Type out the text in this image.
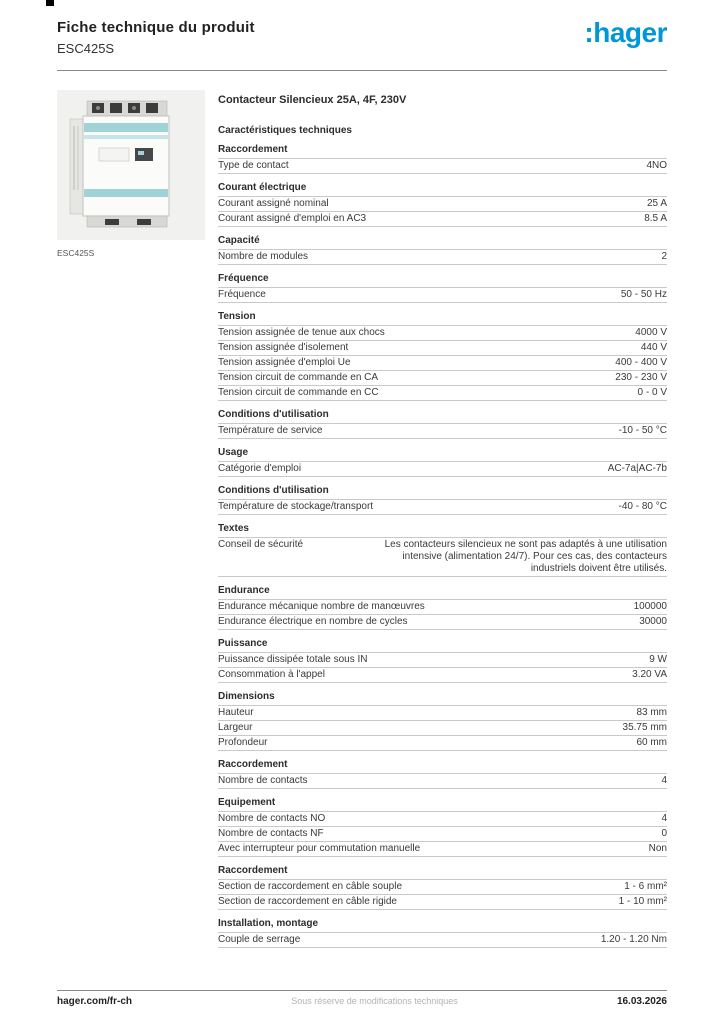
Fiche technique du produit
ESC425S
:hager
ESC425S
Contacteur Silencieux 25A, 4F, 230V
Caractéristiques techniques
Raccordement
Type de contact	4NO
Courant électrique
Courant assigné nominal	25 A
Courant assigné d'emploi en AC3	8.5 A
Capacité
Nombre de modules	2
Fréquence
Fréquence	50 - 50 Hz
Tension
Tension assignée de tenue aux chocs	4000 V
Tension assignée d'isolement	440 V
Tension assignée d'emploi Ue	400 - 400 V
Tension circuit de commande en CA	230 - 230 V
Tension circuit de commande en CC	0 - 0 V
Conditions d'utilisation
Température de service	-10 - 50 °C
Usage
Catégorie d'emploi	AC-7a|AC-7b
Conditions d'utilisation
Température de stockage/transport	-40 - 80 °C
Textes
Conseil de sécurité	Les contacteurs silencieux ne sont pas adaptés à une utilisation intensive (alimentation 24/7). Pour ces cas, des contacteurs industriels doivent être utilisés.
Endurance
Endurance mécanique nombre de manœuvres	100000
Endurance électrique en nombre de cycles	30000
Puissance
Puissance dissipée totale sous IN	9 W
Consommation à l'appel	3.20 VA
Dimensions
Hauteur	83 mm
Largeur	35.75 mm
Profondeur	60 mm
Raccordement
Nombre de contacts	4
Equipement
Nombre de contacts NO	4
Nombre de contacts NF	0
Avec interrupteur pour commutation manuelle	Non
Raccordement
Section de raccordement en câble souple	1 - 6 mm²
Section de raccordement en câble rigide	1 - 10 mm²
Installation, montage
Couple de serrage	1.20 - 1.20 Nm
hager.com/fr-ch	Sous réserve de modifications techniques	16.03.2026
